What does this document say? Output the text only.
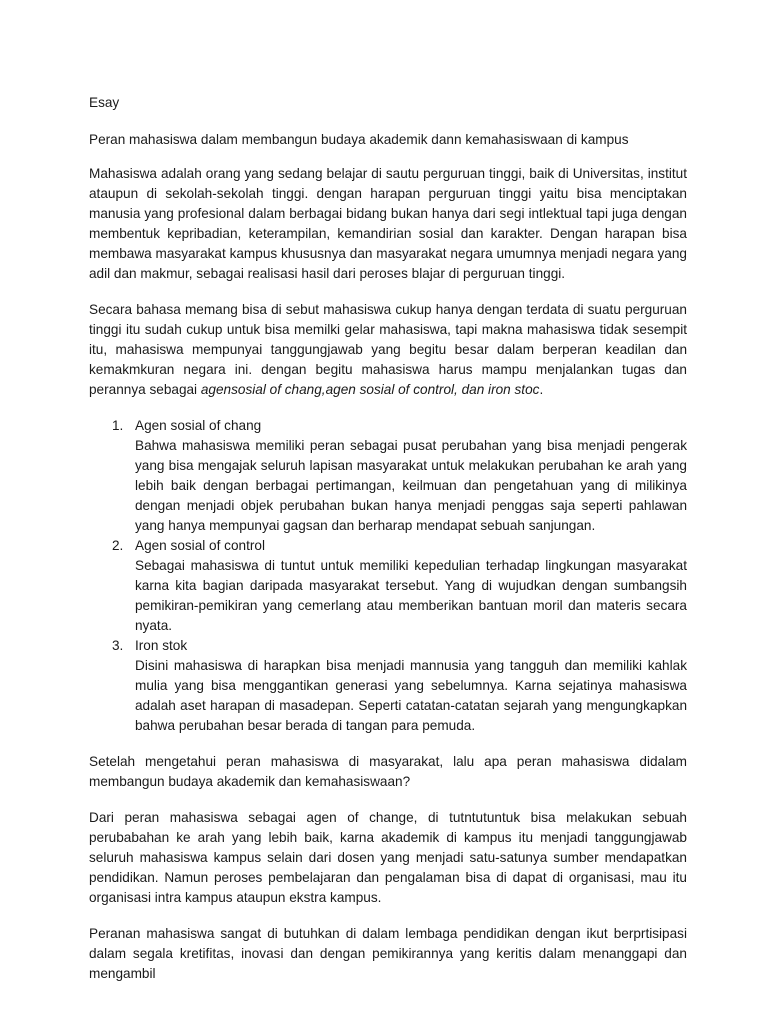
Esay
Peran mahasiswa dalam membangun budaya akademik dann kemahasiswaan di kampus

Mahasiswa adalah orang yang sedang belajar di sautu perguruan tinggi, baik di Universitas, institut ataupun di sekolah-sekolah tinggi. dengan harapan perguruan tinggi yaitu bisa menciptakan manusia yang profesional dalam berbagai bidang bukan hanya dari segi intlektual tapi juga dengan membentuk kepribadian, keterampilan, kemandirian sosial dan karakter. Dengan harapan bisa membawa masyarakat kampus khususnya dan masyarakat negara umumnya menjadi negara yang adil dan makmur, sebagai realisasi hasil dari peroses blajar di perguruan tinggi.

Secara bahasa memang bisa di sebut mahasiswa cukup hanya dengan terdata di suatu perguruan tinggi itu sudah cukup untuk bisa memilki gelar mahasiswa, tapi makna mahasiswa tidak sesempit itu, mahasiswa mempunyai tanggungjawab yang begitu besar dalam berperan keadilan dan kemakmkuran negara ini. dengan begitu mahasiswa harus mampu menjalankan tugas dan perannya sebagai agensosial of chang,agen sosial of control, dan iron stoc.

1. Agen sosial of chang
Bahwa mahasiswa memiliki peran sebagai pusat perubahan yang bisa menjadi pengerak yang bisa mengajak seluruh lapisan masyarakat untuk melakukan perubahan ke arah yang lebih baik dengan berbagai pertimangan, keilmuan dan pengetahuan yang di milikinya dengan menjadi objek perubahan bukan hanya menjadi penggas saja seperti pahlawan yang hanya mempunyai gagsan dan berharap mendapat sebuah sanjungan.
2. Agen sosial of control
Sebagai mahasiswa di tuntut untuk memiliki kepedulian terhadap lingkungan masyarakat karna kita bagian daripada masyarakat tersebut. Yang di wujudkan dengan sumbangsih pemikiran-pemikiran yang cemerlang atau memberikan bantuan moril dan materis secara nyata.
3. Iron stok
Disini mahasiswa di harapkan bisa menjadi mannusia yang tangguh dan memiliki kahlak mulia yang bisa menggantikan generasi yang sebelumnya. Karna sejatinya mahasiswa adalah aset harapan di masadepan. Seperti catatan-catatan sejarah yang mengungkapkan bahwa perubahan besar berada di tangan para pemuda.

Setelah mengetahui peran mahasiswa di masyarakat, lalu apa peran mahasiswa didalam membangun budaya akademik dan kemahasiswaan?

Dari peran mahasiswa sebagai agen of change, di tutntutuntuk bisa melakukan sebuah perubabahan ke arah yang lebih baik, karna akademik di kampus itu menjadi tanggungjawab seluruh mahasiswa kampus selain dari dosen yang menjadi satu-satunya sumber mendapatkan pendidikan. Namun peroses pembelajaran dan pengalaman bisa di dapat di organisasi, mau itu organisasi intra kampus ataupun ekstra kampus.

Peranan mahasiswa sangat di butuhkan di dalam lembaga pendidikan dengan ikut berprtisipasi dalam segala kretifitas, inovasi dan dengan pemikirannya yang keritis dalam menanggapi dan mengambil
